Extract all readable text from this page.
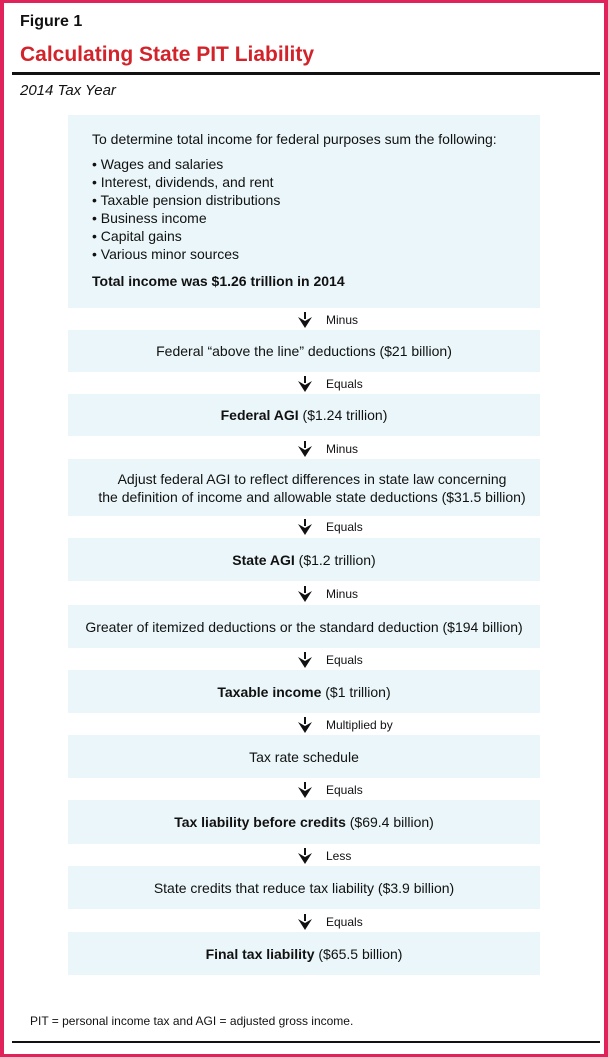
Figure 1
Calculating State PIT Liability
2014 Tax Year
To determine total income for federal purposes sum the following:
• Wages and salaries
• Interest, dividends, and rent
• Taxable pension distributions
• Business income
• Capital gains
• Various minor sources
Total income was $1.26 trillion in 2014
Minus
Federal “above the line” deductions ($21 billion)
Equals
Federal AGI ($1.24 trillion)
Minus
Adjust federal AGI to reflect differences in state law concerning
the definition of income and allowable state deductions ($31.5 billion)
Equals
State AGI ($1.2 trillion)
Minus
Greater of itemized deductions or the standard deduction ($194 billion)
Equals
Taxable income ($1 trillion)
Multiplied by
Tax rate schedule
Equals
Tax liability before credits ($69.4 billion)
Less
State credits that reduce tax liability ($3.9 billion)
Equals
Final tax liability ($65.5 billion)
PIT = personal income tax and AGI = adjusted gross income.
